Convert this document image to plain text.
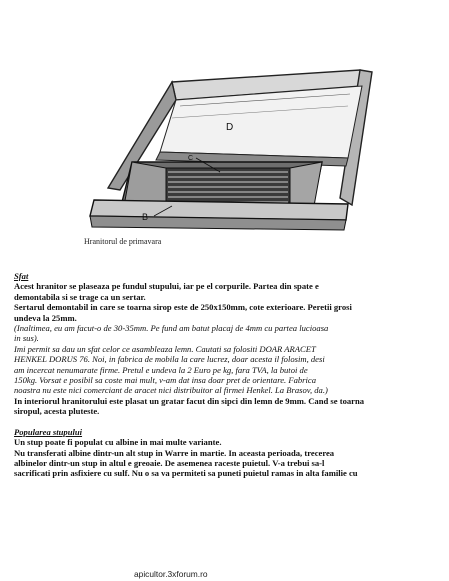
D
C
B
Hranitorul de primavara

Sfat

Acest hranitor se plaseaza pe fundul stupului, iar pe el corpurile. Partea din spate e

demontabila si se trage ca un sertar.

Sertarul demontabil in care se toarna sirop este de 250x150mm, cote exterioare. Peretii grosi

undeva la 25mm.

(Inaltimea, eu am facut-o de 30-35mm. Pe fund am batut placaj de 4mm cu partea lucioasa

in sus).

Imi permit sa dau un sfat celor ce asambleaza lemn. Cautati sa folositi DOAR ARACET

HENKEL DORUS 76. Noi, in fabrica de mobila la care lucrez, doar acesta il folosim, desi

am incercat nenumarate firme. Pretul e undeva la 2 Euro pe kg, fara TVA, la butoi de

150kg. Vorsat e posibil sa coste mai mult, v-am dat insa doar pret de orientare. Fabrica

noastra nu este nici comerciant de aracet nici distribuitor al firmei Henkel. La Brasov, da.)

In interiorul hranitorului este plasat un gratar facut din sipci din lemn de 9mm. Cand se toarna

siropul, acesta pluteste.

Popularea stupului

Un stup poate fi populat cu albine in mai multe variante.

Nu transferati albine dintr-un alt stup in Warre in martie. In aceasta perioada, trecerea

albinelor dintr-un stup in altul e greoaie. De asemenea raceste puietul. V-a trebui sa-l

sacrificati prin asfixiere cu sulf. Nu o sa va permiteti sa puneti puietul ramas in alta familie cu

apicultor.3xforum.ro
